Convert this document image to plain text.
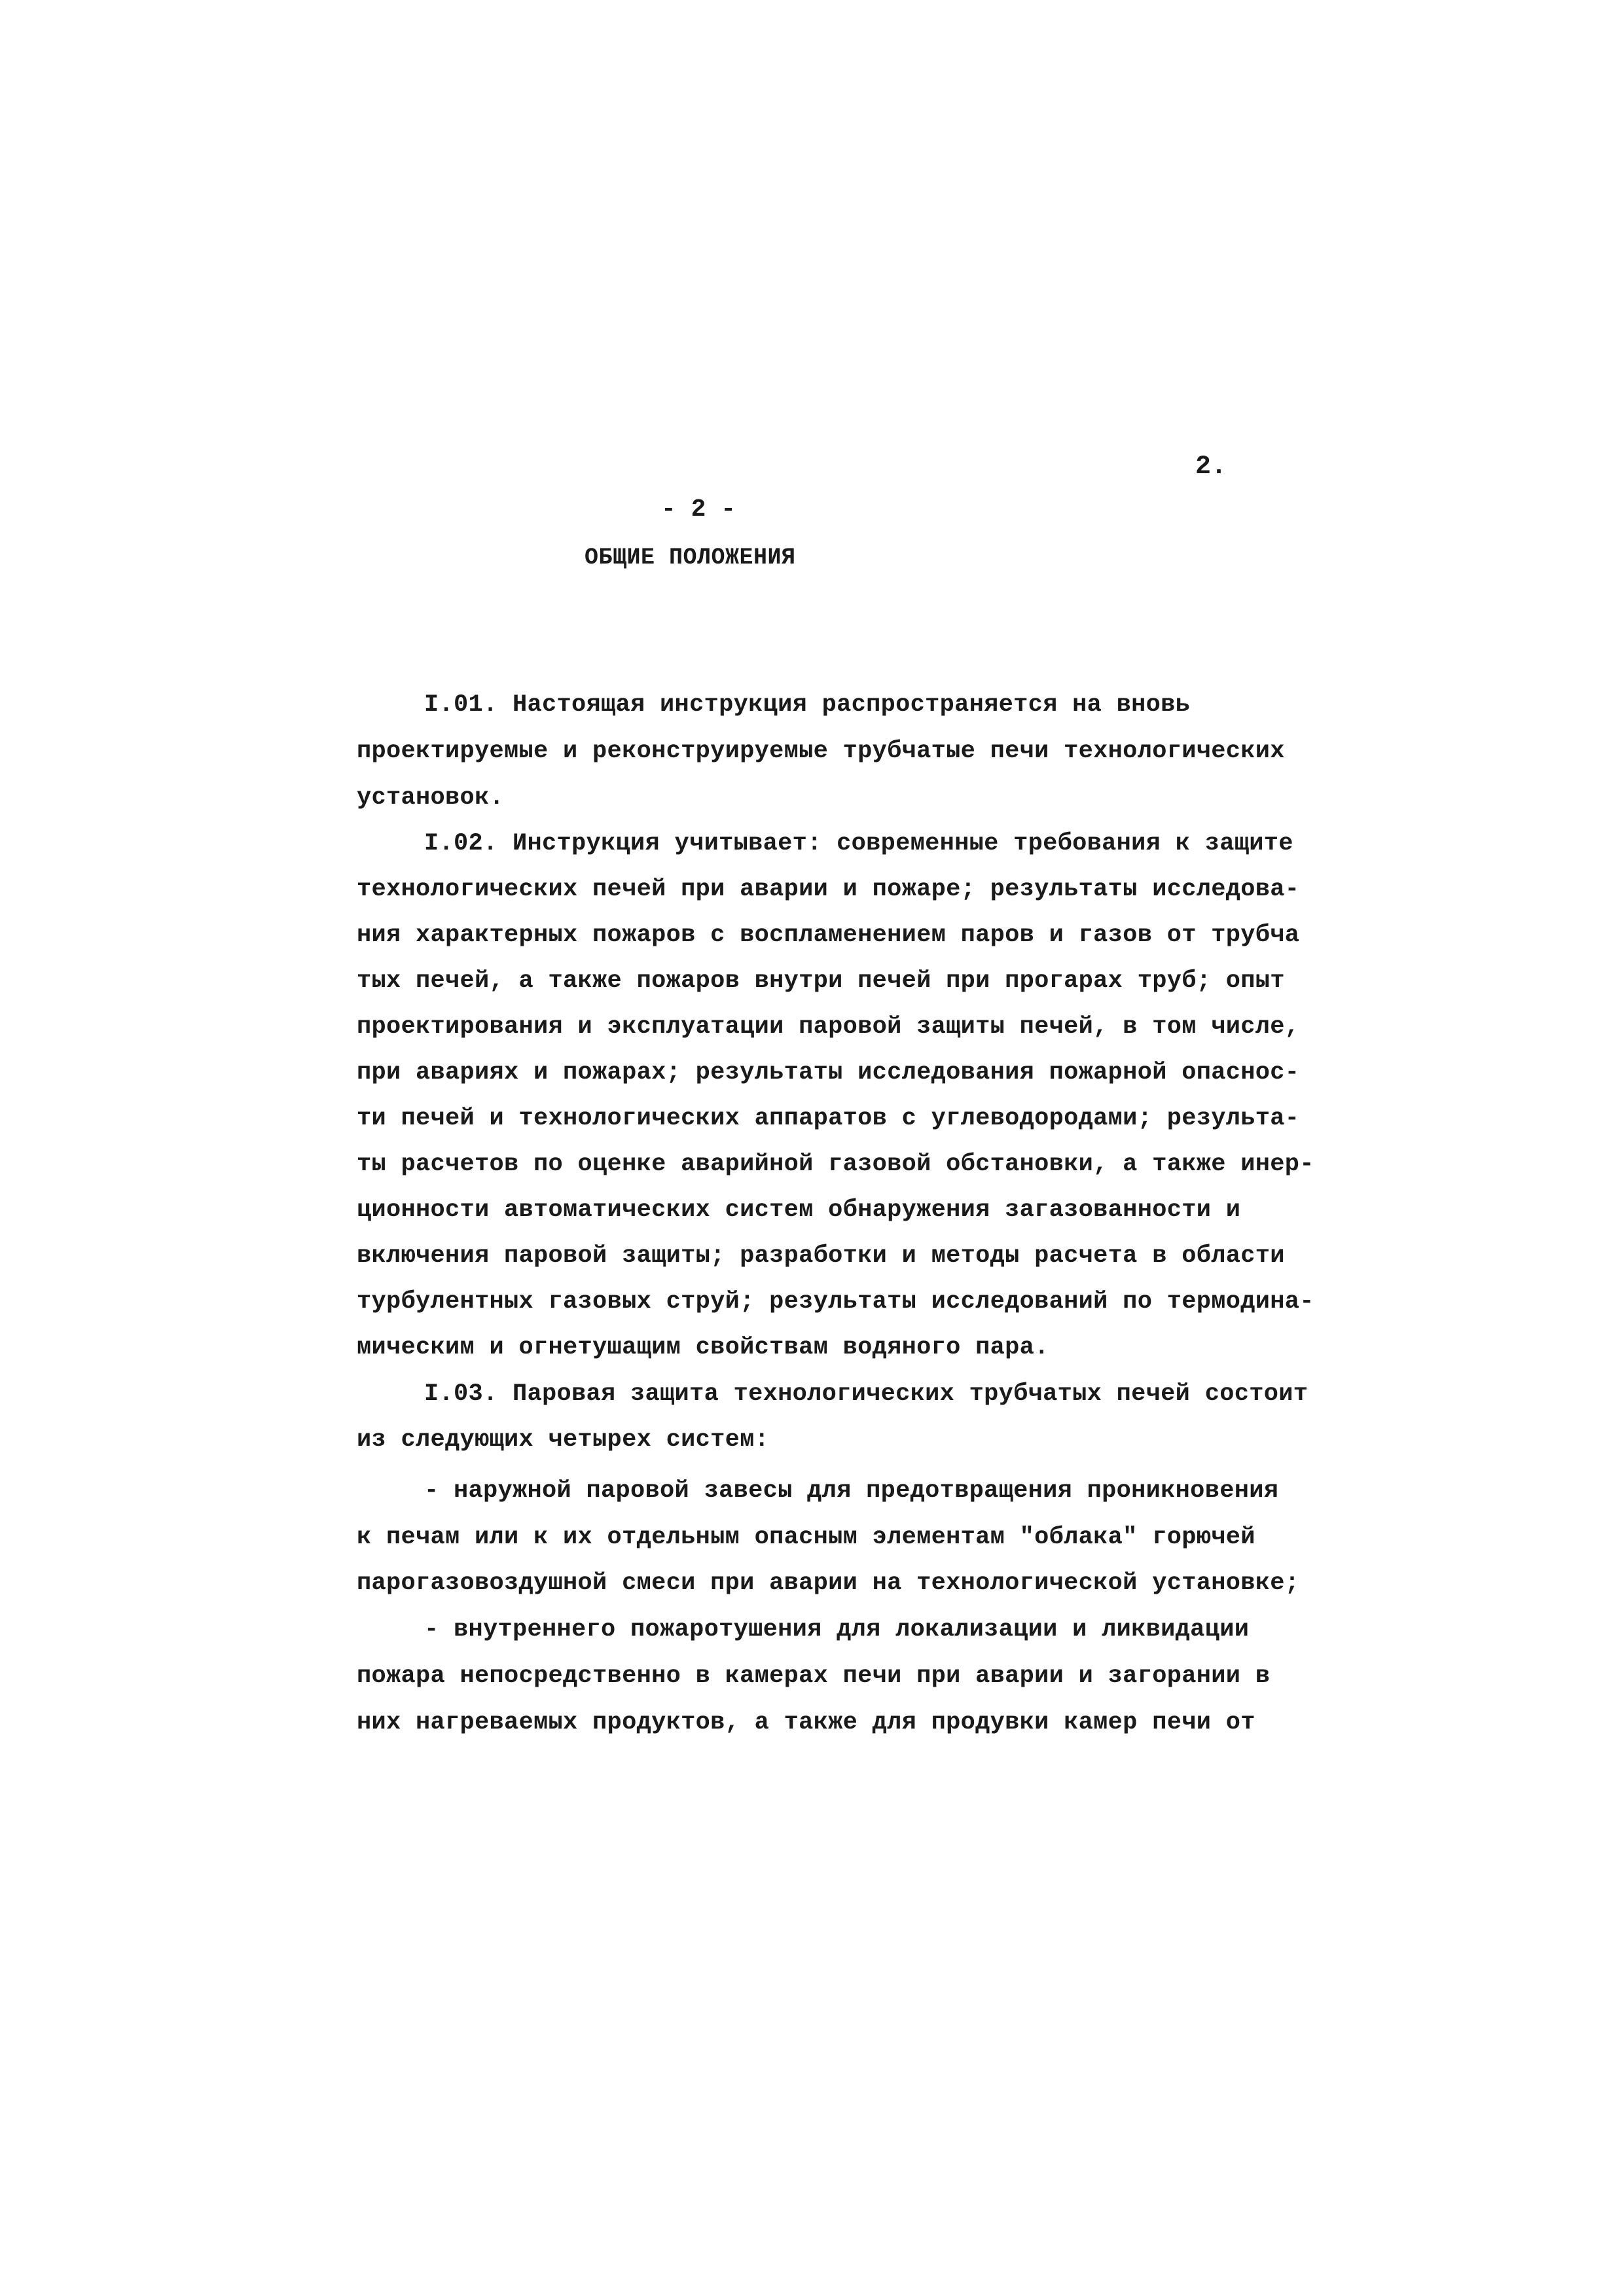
2.
- 2 -
ОБЩИЕ ПОЛОЖЕНИЯ
I.01. Настоящая инструкция распространяется на вновь
проектируемые и реконструируемые трубчатые печи технологических
установок.
I.02. Инструкция учитывает: современные требования к защите
технологических печей при аварии и пожаре; результаты исследова-
ния характерных пожаров с воспламенением паров и газов от трубча
тых печей, а также пожаров внутри печей при прогарах труб; опыт
проектирования и эксплуатации паровой защиты печей, в том числе,
при авариях и пожарах; результаты исследования пожарной опаснос-
ти печей и технологических аппаратов с углеводородами; результа-
ты расчетов по оценке аварийной газовой обстановки, а также инер-
ционности автоматических систем обнаружения загазованности и
включения паровой защиты; разработки и методы расчета в области
турбулентных газовых струй; результаты исследований по термодина-
мическим и огнетушащим свойствам водяного пара.
I.03. Паровая защита технологических трубчатых печей состоит
из следующих четырех систем:
- наружной паровой завесы для предотвращения проникновения
к печам или к их отдельным опасным элементам "облака" горючей
парогазовоздушной смеси при аварии на технологической установке;
- внутреннего пожаротушения для локализации и ликвидации
пожара непосредственно в камерах печи при аварии и загорании в
них нагреваемых продуктов, а также для продувки камер печи от
